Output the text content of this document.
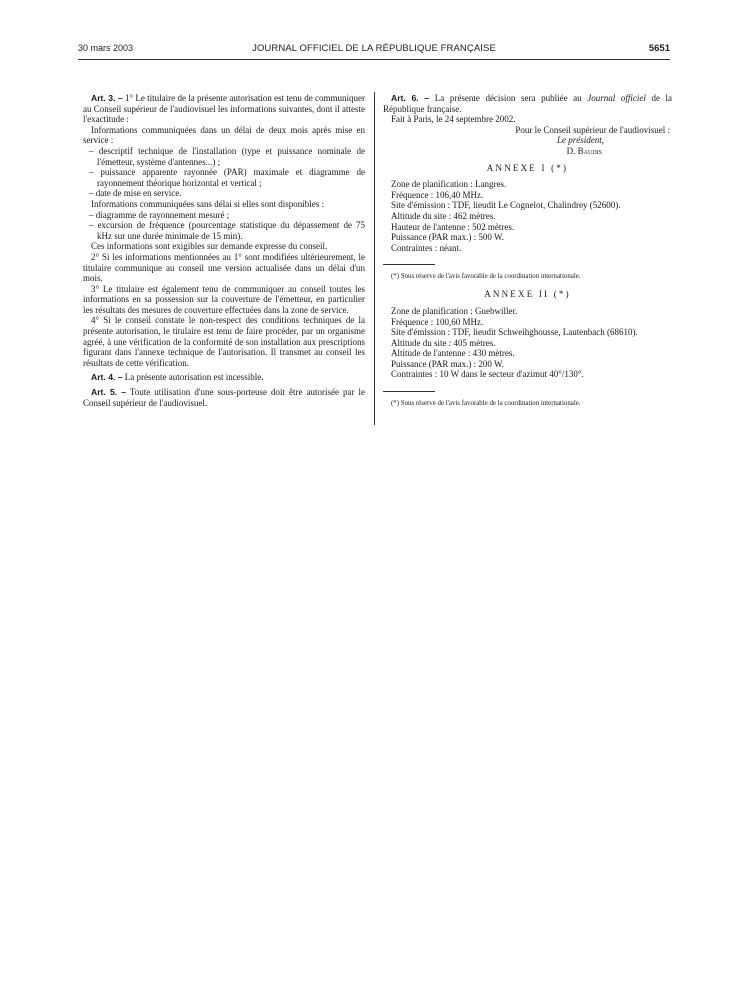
30 mars 2003	JOURNAL OFFICIEL DE LA RÉPUBLIQUE FRANÇAISE	5651

Art. 3. – 1° Le titulaire de la présente autorisation est tenu de communiquer au Conseil supérieur de l'audiovisuel les informations suivantes, dont il atteste l'exactitude :

Informations communiquées dans un délai de deux mois après mise en service :

– descriptif technique de l'installation (type et puissance nominale de l'émetteur, système d'antennes...) ;

– puissance apparente rayonnée (PAR) maximale et diagramme de rayonnement théorique horizontal et vertical ;

– date de mise en service.

Informations communiquées sans délai si elles sont disponibles :

– diagramme de rayonnement mesuré ;

– excursion de fréquence (pourcentage statistique du dépassement de 75 kHz sur une durée minimale de 15 min).

Ces informations sont exigibles sur demande expresse du conseil.

2° Si les informations mentionnées au 1° sont modifiées ultérieurement, le titulaire communique au conseil une version actualisée dans un délai d'un mois.

3° Le titulaire est également tenu de communiquer au conseil toutes les informations en sa possession sur la couverture de l'émetteur, en particulier les résultats des mesures de couverture effectuées dans la zone de service.

4° Si le conseil constate le non-respect des conditions techniques de la présente autorisation, le titulaire est tenu de faire procéder, par un organisme agréé, à une vérification de la conformité de son installation aux prescriptions figurant dans l'annexe technique de l'autorisation. Il transmet au conseil les résultats de cette vérification.

Art. 4. – La présente autorisation est incessible.

Art. 5. – Toute utilisation d'une sous-porteuse doit être autorisée par le Conseil supérieur de l'audiovisuel.

Art. 6. – La présente décision sera publiée au Journal officiel de la République française.

Fait à Paris, le 24 septembre 2002.

Pour le Conseil supérieur de l'audiovisuel :

Le président,

D. Baudis

ANNEXE I (*)

Zone de planification : Langres.

Fréquence : 106,40 MHz.

Site d'émission : TDF, lieudit Le Cognelot, Chalindrey (52600).

Altitude du site : 462 mètres.

Hauteur de l'antenne : 502 mètres.

Puissance (PAR max.) : 500 W.

Contraintes : néant.

(*) Sous réserve de l'avis favorable de la coordination internationale.

ANNEXE II (*)

Zone de planification : Guebwiller.

Fréquence : 100,60 MHz.

Site d'émission : TDF, lieudit Schweihghousse, Lautenbach (68610).

Altitude du site : 405 mètres.

Altitude de l'antenne : 430 mètres.

Puissance (PAR max.) : 200 W.

Contraintes : 10 W dans le secteur d'azimut 40°/130°.

(*) Sous réserve de l'avis favorable de la coordination internationale.
